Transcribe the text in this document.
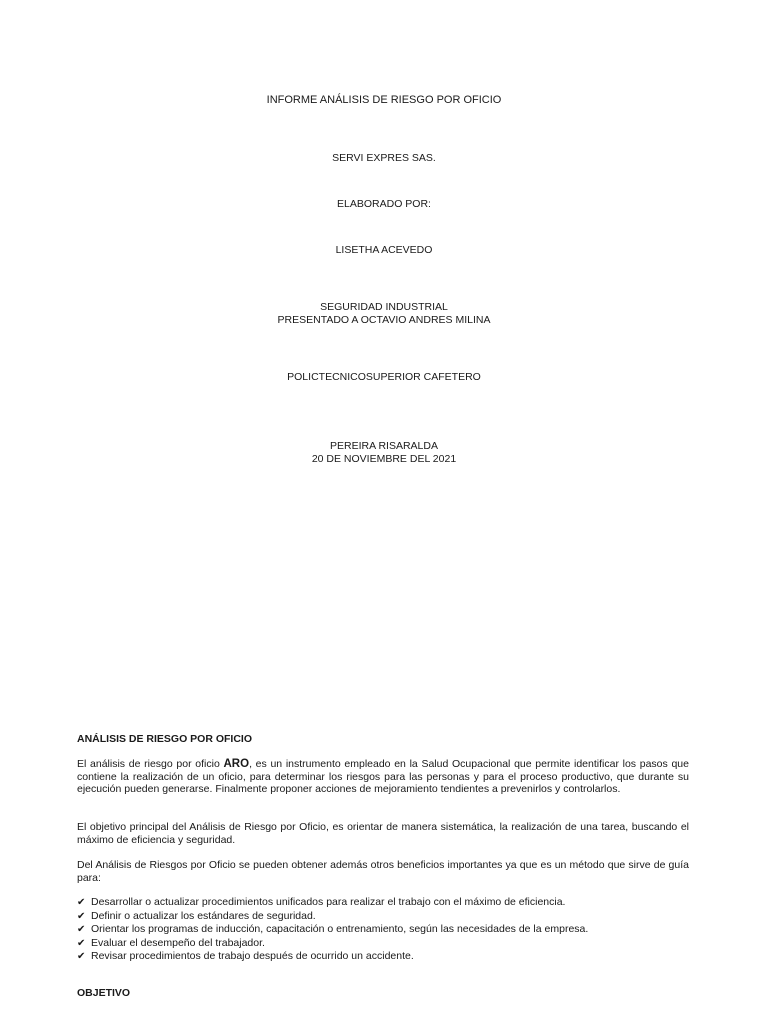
INFORME ANÁLISIS DE RIESGO POR OFICIO
SERVI EXPRES SAS.
ELABORADO POR:
LISETHA ACEVEDO
SEGURIDAD INDUSTRIAL
PRESENTADO A OCTAVIO ANDRES MILINA
POLICTECNICOSUPERIOR CAFETERO
PEREIRA RISARALDA
20 DE NOVIEMBRE DEL 2021
ANÁLISIS DE RIESGO POR OFICIO
El análisis de riesgo por oficio ARO, es un instrumento empleado en la Salud Ocupacional que permite identificar los pasos que contiene la realización de un oficio, para determinar los riesgos para las personas y para el proceso productivo, que durante su ejecución pueden generarse. Finalmente proponer acciones de mejoramiento tendientes a prevenirlos y controlarlos.
El objetivo principal del Análisis de Riesgo por Oficio, es orientar de manera sistemática, la realización de una tarea, buscando el máximo de eficiencia y seguridad.
Del Análisis de Riesgos por Oficio se pueden obtener además otros beneficios importantes ya que es un método que sirve de guía para:
✔ Desarrollar o actualizar procedimientos unificados para realizar el trabajo con el máximo de eficiencia.
✔ Definir o actualizar los estándares de seguridad.
✔ Orientar los programas de inducción, capacitación o entrenamiento, según las necesidades de la empresa.
✔ Evaluar el desempeño del trabajador.
✔ Revisar procedimientos de trabajo después de ocurrido un accidente.
OBJETIVO
